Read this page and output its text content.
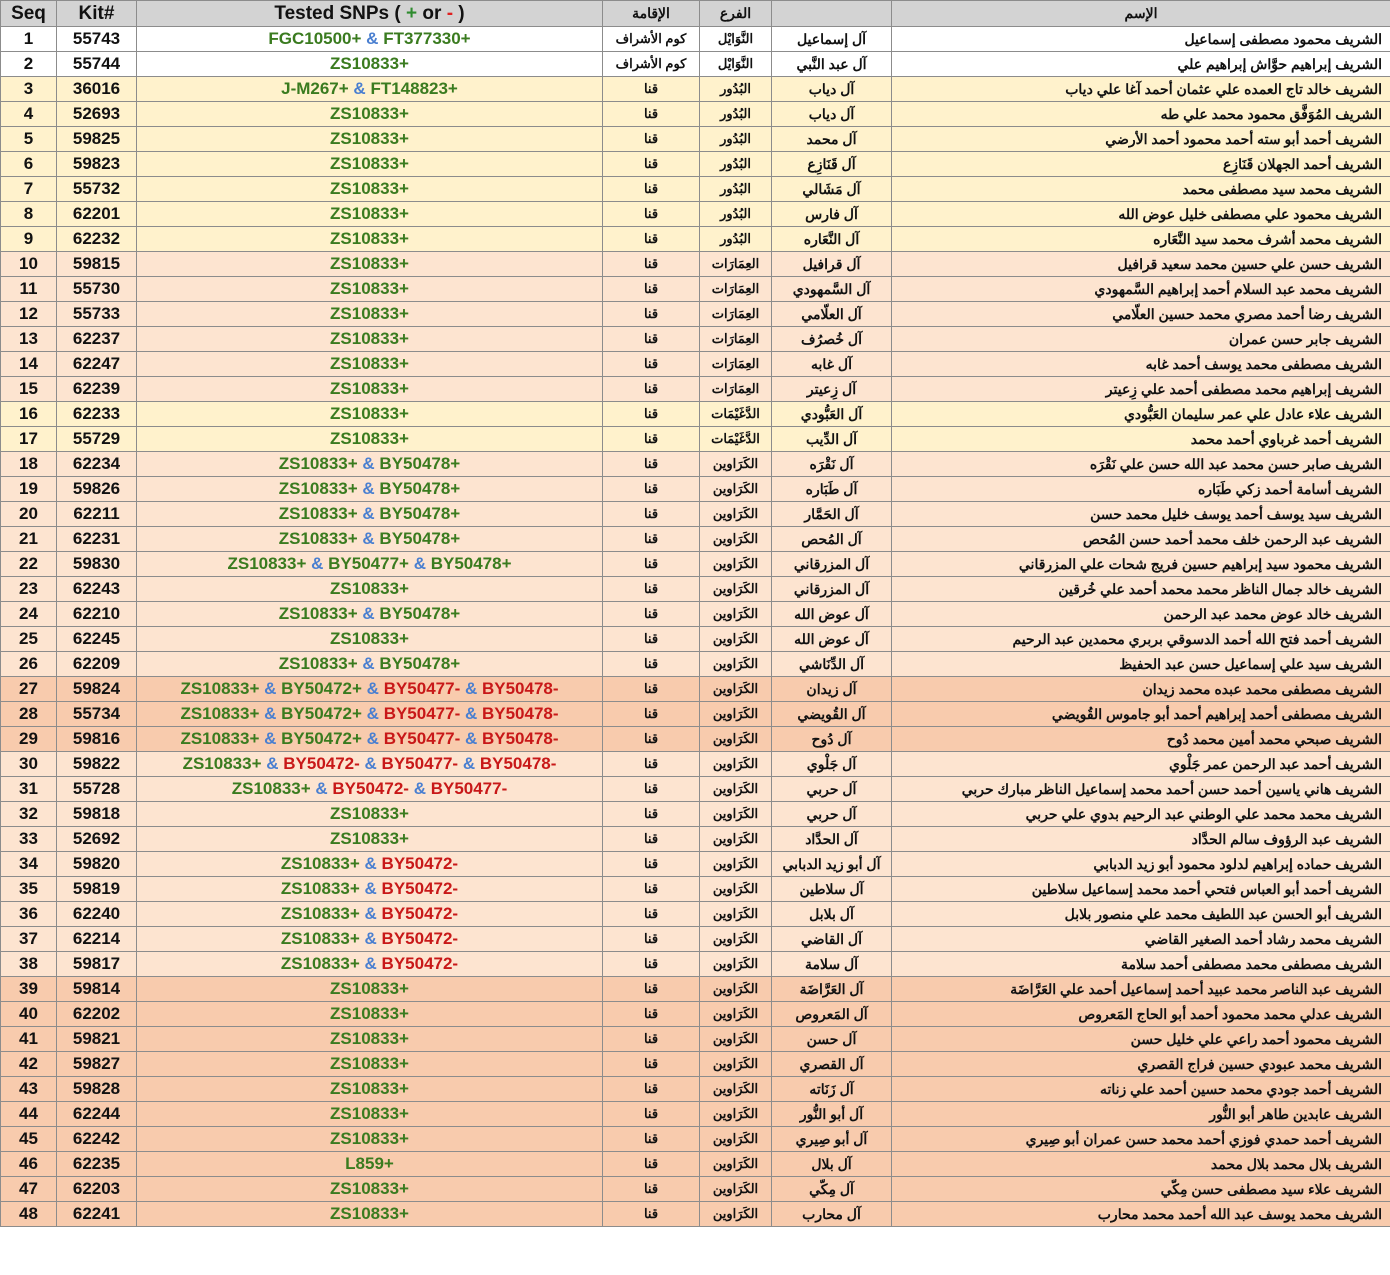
Seq	Kit#	Tested SNPs ( + or - )	الإقامة	الفرع		الإسم
1	55743	FGC10500+ & FT377330+	كوم الأشراف	النَّوَايْل	آل إسماعيل	الشريف محمود مصطفى إسماعيل
2	55744	ZS10833+	كوم الأشراف	النَّوَايْل	آل عبد النَّبي	الشريف إبراهيم حوَّاش إبراهيم علي
3	36016	J-M267+ & FT148823+	قنا	البُدُور	آل دياب	الشريف خالد تاج العمده علي عثمان أحمد آغا علي دياب
4	52693	ZS10833+	قنا	البُدُور	آل دياب	الشريف المُوَفَّق محمود محمد علي طه
5	59825	ZS10833+	قنا	البُدُور	آل محمد	الشريف أحمد أبو سته أحمد محمود أحمد الأرضي
6	59823	ZS10833+	قنا	البُدُور	آل قَنَازِع	الشريف أحمد الجهلان قَنَازِع
7	55732	ZS10833+	قنا	البُدُور	آل مَشَالي	الشريف محمد سيد مصطفى محمد
8	62201	ZS10833+	قنا	البُدُور	آل فارس	الشريف محمود علي مصطفى خليل عوض الله
9	62232	ZS10833+	قنا	البُدُور	آل النَّعَاره	الشريف محمد أشرف محمد سيد النَّعَاره
10	59815	ZS10833+	قنا	العِمَارَات	آل قرافيل	الشريف حسن علي حسين محمد سعيد قرافيل
11	55730	ZS10833+	قنا	العِمَارَات	آل السَّمهودي	الشريف محمد عبد السلام أحمد إبراهيم السَّمهودي
12	55733	ZS10833+	قنا	العِمَارَات	آل العلّامي	الشريف رضا أحمد مصري محمد حسين العلّامي
13	62237	ZS10833+	قنا	العِمَارَات	آل خُصرُف	الشريف جابر حسن عمران
14	62247	ZS10833+	قنا	العِمَارَات	آل غابه	الشريف مصطفى محمد يوسف أحمد غابه
15	62239	ZS10833+	قنا	العِمَارَات	آل زِعيتر	الشريف إبراهيم محمد مصطفى أحمد علي زِعيتر
16	62233	ZS10833+	قنا	الدَّغَيْمَات	آل العَبُّودي	الشريف علاء عادل علي عمر سليمان العَبُّودي
17	55729	ZS10833+	قنا	الدَّغَيْمَات	آل الدِّيب	الشريف أحمد غرباوي أحمد محمد
18	62234	ZS10833+ & BY50478+	قنا	الكَرَاوين	آل نَقْرَه	الشريف صابر حسن محمد عبد الله حسن علي نَقْرَه
19	59826	ZS10833+ & BY50478+	قنا	الكَرَاوين	آل طَبَاره	الشريف أسامة أحمد زكي طَبَاره
20	62211	ZS10833+ & BY50478+	قنا	الكَرَاوين	آل الحَمَّار	الشريف سيد يوسف أحمد يوسف خليل محمد حسن
21	62231	ZS10833+ & BY50478+	قنا	الكَرَاوين	آل المُحص	الشريف عبد الرحمن خلف محمد أحمد حسن المُحص
22	59830	ZS10833+ & BY50477+ & BY50478+	قنا	الكَرَاوين	آل المزرقاني	الشريف محمود سيد إبراهيم حسين فريج شحات علي المزرقاني
23	62243	ZS10833+	قنا	الكَرَاوين	آل المزرقاني	الشريف خالد جمال الناظر محمد محمد أحمد علي خُرقين
24	62210	ZS10833+ & BY50478+	قنا	الكَرَاوين	آل عوض الله	الشريف خالد عوض محمد عبد الرحمن
25	62245	ZS10833+	قنا	الكَرَاوين	آل عوض الله	الشريف أحمد فتح الله أحمد الدسوقي بربري محمدين عبد الرحيم
26	62209	ZS10833+ & BY50478+	قنا	الكَرَاوين	آل الدِّنَاشي	الشريف سيد علي إسماعيل حسن عبد الحفيظ
27	59824	ZS10833+ & BY50472+ & BY50477- & BY50478-	قنا	الكَرَاوين	آل زيدان	الشريف مصطفى محمد عبده محمد زيدان
28	55734	ZS10833+ & BY50472+ & BY50477- & BY50478-	قنا	الكَرَاوين	آل القُويضي	الشريف مصطفى أحمد إبراهيم أحمد أبو جاموس القُويضي
29	59816	ZS10833+ & BY50472+ & BY50477- & BY50478-	قنا	الكَرَاوين	آل دُوح	الشريف صبحي محمد أمين محمد دُوح
30	59822	ZS10833+ & BY50472- & BY50477- & BY50478-	قنا	الكَرَاوين	آل جَلْوي	الشريف أحمد عبد الرحمن عمر جَلْوي
31	55728	ZS10833+ & BY50472- & BY50477-	قنا	الكَرَاوين	آل حربي	الشريف هاني ياسين أحمد حسن أحمد محمد إسماعيل الناظر مبارك حربي
32	59818	ZS10833+	قنا	الكَرَاوين	آل حربي	الشريف محمد محمد علي الوطني عبد الرحيم بدوي علي حربي
33	52692	ZS10833+	قنا	الكَرَاوين	آل الحدَّاد	الشريف عبد الرؤوف سالم الحدَّاد
34	59820	ZS10833+ & BY50472-	قنا	الكَرَاوين	آل أبو زيد الدبابي	الشريف حماده إبراهيم لدلود محمود أبو زيد الدبابي
35	59819	ZS10833+ & BY50472-	قنا	الكَرَاوين	آل سلاطين	الشريف أحمد أبو العباس فتحي أحمد محمد إسماعيل سلاطين
36	62240	ZS10833+ & BY50472-	قنا	الكَرَاوين	آل بلابل	الشريف أبو الحسن عبد اللطيف محمد علي منصور بلابل
37	62214	ZS10833+ & BY50472-	قنا	الكَرَاوين	آل القاضي	الشريف محمد رشاد أحمد الصغير القاضي
38	59817	ZS10833+ & BY50472-	قنا	الكَرَاوين	آل سلامة	الشريف مصطفى محمد مصطفى أحمد سلامة
39	59814	ZS10833+	قنا	الكَرَاوين	آل العَرَّاضَة	الشريف عبد الناصر محمد عبيد أحمد إسماعيل أحمد علي العَرَّاضَة
40	62202	ZS10833+	قنا	الكَرَاوين	آل المَعروص	الشريف عدلي محمد محمود أحمد أبو الحاج المَعروص
41	59821	ZS10833+	قنا	الكَرَاوين	آل حسن	الشريف محمود أحمد راعي علي خليل حسن
42	59827	ZS10833+	قنا	الكَرَاوين	آل القصري	الشريف محمد عبودي حسين فراج القصري
43	59828	ZS10833+	قنا	الكَرَاوين	آل زَنَاته	الشريف أحمد جودي محمد حسين أحمد علي زناته
44	62244	ZS10833+	قنا	الكَرَاوين	آل أبو النُّور	الشريف عابدين طاهر أبو النُّور
45	62242	ZS10833+	قنا	الكَرَاوين	آل أبو صِيري	الشريف أحمد حمدي فوزي أحمد محمد حسن عمران أبو صِيري
46	62235	L859+	قنا	الكَرَاوين	آل بلال	الشريف بلال محمد بلال محمد
47	62203	ZS10833+	قنا	الكَرَاوين	آل مِكّي	الشريف علاء سيد مصطفى حسن مِكّي
48	62241	ZS10833+	قنا	الكَرَاوين	آل محارب	الشريف محمد يوسف عبد الله أحمد محمد محارب
